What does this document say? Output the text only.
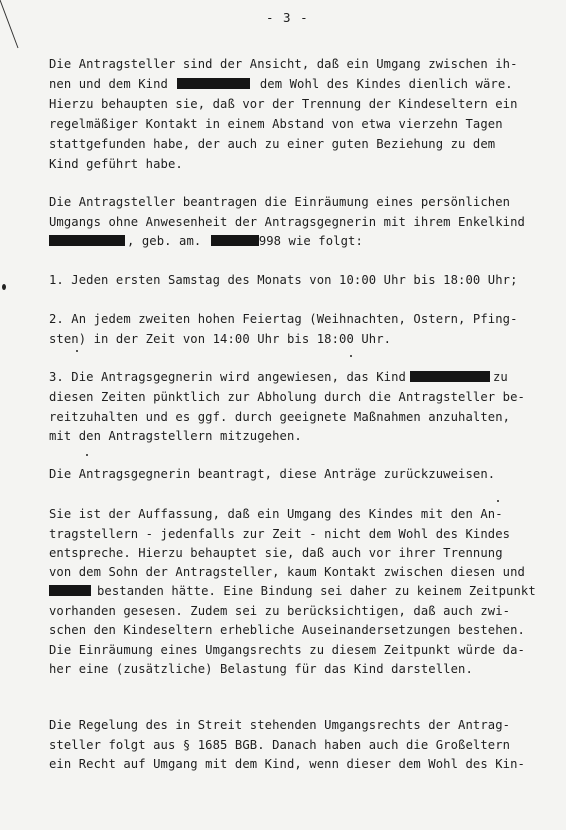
- 3 -
Die Antragsteller sind der Ansicht, daß ein Umgang zwischen ih-
nen und dem Kind	dem Wohl des Kindes dienlich wäre.
Hierzu behaupten sie, daß vor der Trennung der Kindeseltern ein
regelmäßiger Kontakt in einem Abstand von etwa vierzehn Tagen
stattgefunden habe, der auch zu einer guten Beziehung zu dem
Kind geführt habe.
Die Antragsteller beantragen die Einräumung eines persönlichen
Umgangs ohne Anwesenheit der Antragsgegnerin mit ihrem Enkelkind
, geb. am.	998 wie folgt:
1. Jeden ersten Samstag des Monats von 10:00 Uhr bis 18:00 Uhr;
2. An jedem zweiten hohen Feiertag (Weihnachten, Ostern, Pfing-
sten) in der Zeit von 14:00 Uhr bis 18:00 Uhr.
3. Die Antragsgegnerin wird angewiesen, das Kind	zu
diesen Zeiten pünktlich zur Abholung durch die Antragsteller be-
reitzuhalten und es ggf. durch geeignete Maßnahmen anzuhalten,
mit den Antragstellern mitzugehen.
Die Antragsgegnerin beantragt, diese Anträge zurückzuweisen.
Sie ist der Auffassung, daß ein Umgang des Kindes mit den An-
tragstellern - jedenfalls zur Zeit - nicht dem Wohl des Kindes
entspreche. Hierzu behauptet sie, daß auch vor ihrer Trennung
von dem Sohn der Antragsteller, kaum Kontakt zwischen diesen und
bestanden hätte. Eine Bindung sei daher zu keinem Zeitpunkt
vorhanden gesesen. Zudem sei zu berücksichtigen, daß auch zwi-
schen den Kindeseltern erhebliche Auseinandersetzungen bestehen.
Die Einräumung eines Umgangsrechts zu diesem Zeitpunkt würde da-
her eine (zusätzliche) Belastung für das Kind darstellen.
Die Regelung des in Streit stehenden Umgangsrechts der Antrag-
steller folgt aus § 1685 BGB. Danach haben auch die Großeltern
ein Recht auf Umgang mit dem Kind, wenn dieser dem Wohl des Kin-
